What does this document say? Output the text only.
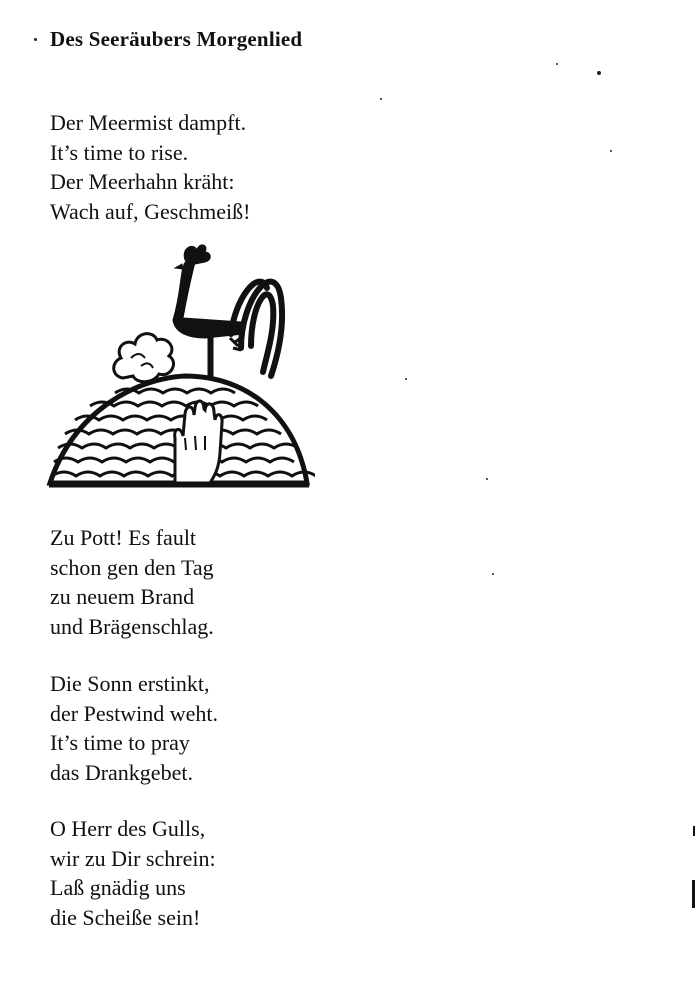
Des Seeräubers Morgenlied
Der Meermist dampft.
It’s time to rise.
Der Meerhahn kräht:
Wach auf, Geschmeiß!
Zu Pott! Es fault
schon gen den Tag
zu neuem Brand
und Brägenschlag.
Die Sonn erstinkt,
der Pestwind weht.
It’s time to pray
das Drankgebet.
O Herr des Gulls,
wir zu Dir schrein:
Laß gnädig uns
die Scheiße sein!
